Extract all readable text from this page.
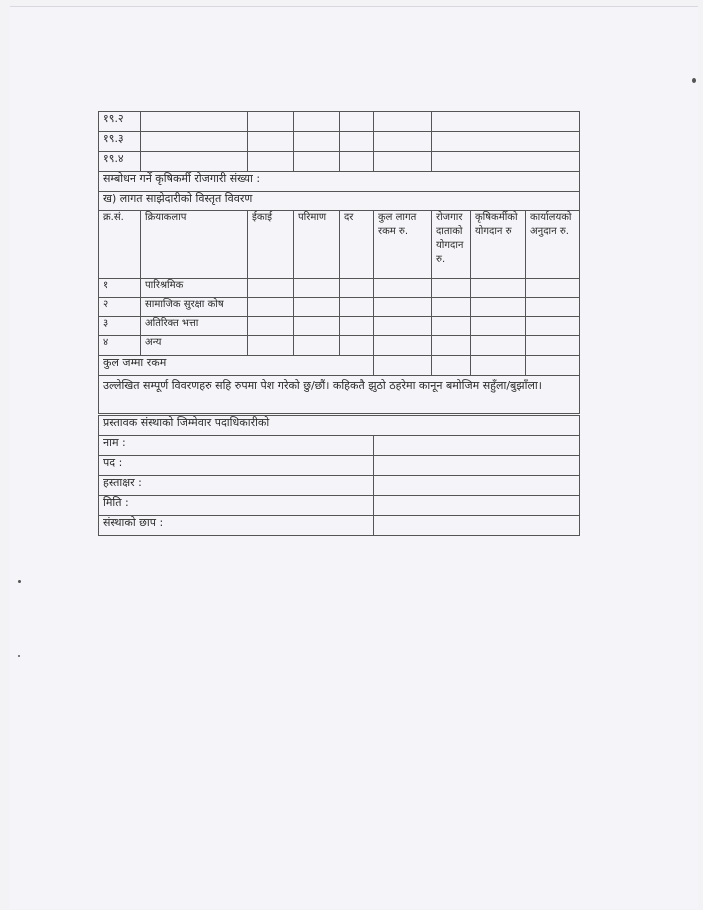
१९.२								
१९.३								
१९.४								
सम्बोधन गर्ने कृषिकर्मी रोजगारी संख्या :								
ख) लागत साझेदारीको विस्तृत विवरण								
क्र.सं.	क्रियाकलाप	ईकाई	परिमाण	दर	कुल लागत रकम रु.	रोजगार दाताको योगदान रु.	कृषिकर्मीको योगदान रु	कार्यालयको अनुदान रु.
१	पारिश्रमिक							
२	सामाजिक सुरक्षा कोष							
३	अतिरिक्त भत्ता							
४	अन्य							
कुल जम्मा रकम								
उल्लेखित सम्पूर्ण विवरणहरु सहि रुपमा पेश गरेको छु/छौं। कहिकतै झुठो ठहरेमा कानून बमोजिम सहुँला/बुझाँला।								
प्रस्तावक संस्थाको जिम्मेवार पदाधिकारीको	
नाम :	
पद :	
हस्ताक्षर :	
मिति :	
संस्थाको छाप :	
